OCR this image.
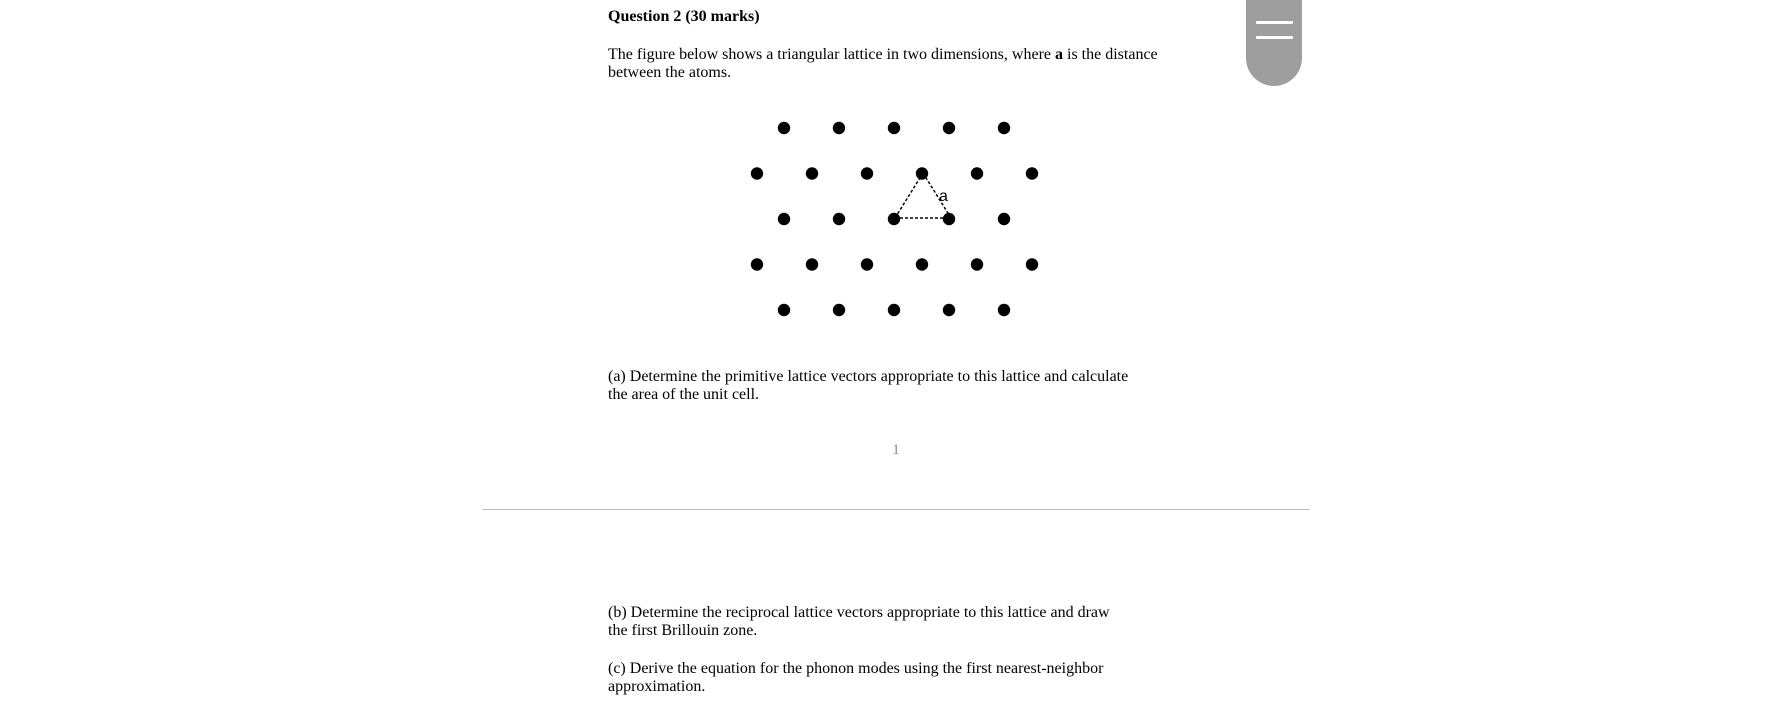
Question 2 (30 marks)
The figure below shows a triangular lattice in two dimensions, where a is the distance
between the atoms.
a
(a) Determine the primitive lattice vectors appropriate to this lattice and calculate
the area of the unit cell.
1
(b) Determine the reciprocal lattice vectors appropriate to this lattice and draw
the first Brillouin zone.
(c) Derive the equation for the phonon modes using the first nearest-neighbor
approximation.
